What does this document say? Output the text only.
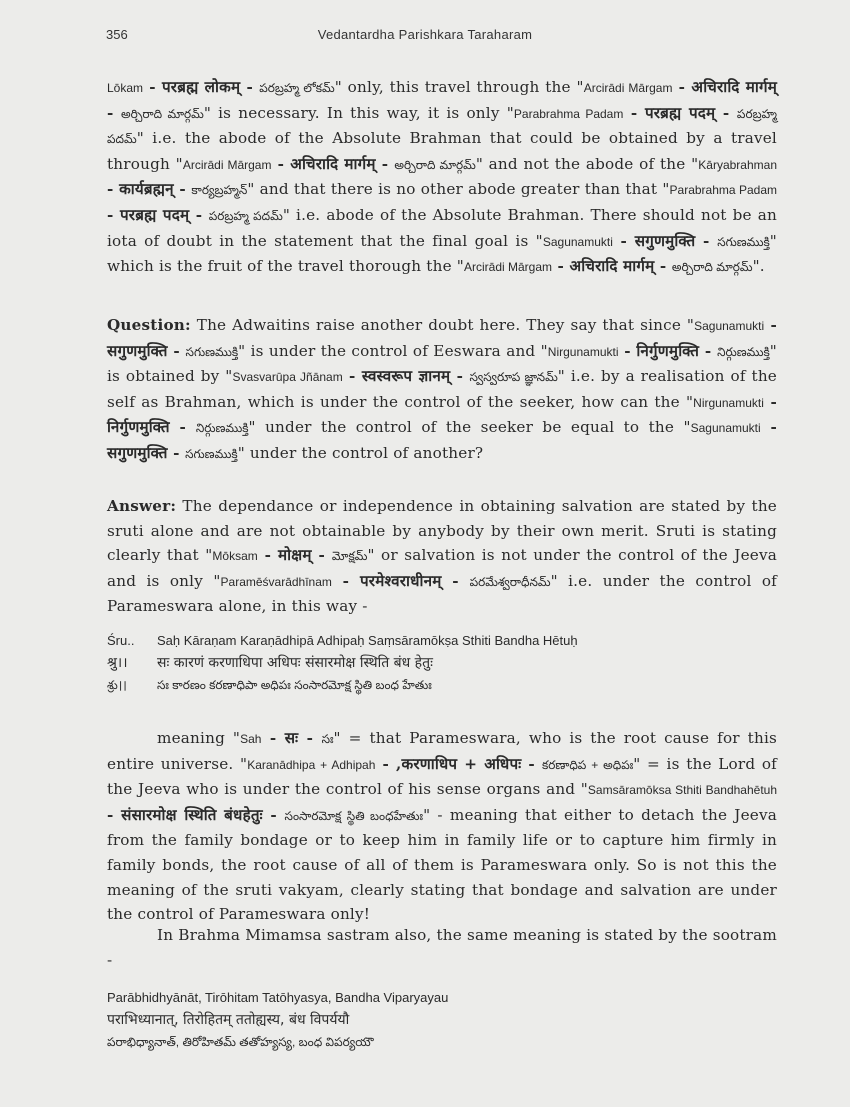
356	Vedantardha Parishkara Taraharam
Lōkam - परब्रह्म लोकम् - పరబ్రహ్మ లోకమ్" only, this travel through the "Arcirādi Mārgam - अचिरादि मार्गम् - అర్చిరాది మార్గమ్" is necessary. In this way, it is only "Parabrahma Padam - परब्रह्म पदम् - పరబ్రహ్మ పదమ్" i.e. the abode of the Absolute Brahman that could be obtained by a travel through "Arcirādi Mārgam - अचिरादि मार्गम् - అర్చిరాది మార్గమ్" and not the abode of the "Kāryabrahman - कार्यब्रह्मन् - కార్యబ్రహ్మన్" and that there is no other abode greater than that "Parabrahma Padam - परब्रह्म पदम् - పరబ్రహ్మ పదమ్" i.e. abode of the Absolute Brahman. There should not be an iota of doubt in the statement that the final goal is "Sagunamukti - सगुणमुक्ति - సగుణముక్తి" which is the fruit of the travel thorough the "Arcirādi Mārgam - अचिरादि मार्गम् - అర్చిరాది మార్గమ్".
Question: The Adwaitins raise another doubt here. They say that since "Sagunamukti - सगुणमुक्ति - సగుణముక్తి" is under the control of Eeswara and "Nirgunamukti - निर्गुणमुक्ति - నిర్గుణముక్తి" is obtained by "Svasvarūpa Jñānam - स्वस्वरूप ज्ञानम् - స్వస్వరూప జ్ఞానమ్" i.e. by a realisation of the self as Brahman, which is under the control of the seeker, how can the "Nirgunamukti - निर्गुणमुक्ति - నిర్గుణముక్తి" under the control of the seeker be equal to the "Sagunamukti - सगुणमुक्ति - సగుణముక్తి" under the control of another?
Answer: The dependance or independence in obtaining salvation are stated by the sruti alone and are not obtainable by anybody by their own merit. Sruti is stating clearly that "Mōksam - मोक्षम् - మోక్షమ్" or salvation is not under the control of the Jeeva and is only "Paramēśvarādhīnam - परमेश्वराधीनम् - పరమేశ్వరాధీనమ్" i.e. under the control of Parameswara alone, in this way -
Śru.. Saḥ Kāraṇam Karaṇādhipā Adhipaḥ Saṃsāramōkṣa Sthiti Bandha Hētuḥ
श्रु।। सः कारणं करणाधिपा अधिपः संसारमोक्ष स्थिति बंध हेतुः
శ్రు।।	సః కారణం కరణాధిపా అధిపః సంసారమోక్ష స్థితి బంధ హేతుః
meaning "Sah - सः - సః" = that Parameswara, who is the root cause for this entire universe. "Karanādhipa + Adhipah - ,करणाधिप + अधिपः - కరణాధిప + అధిపః" = is the Lord of the Jeeva who is under the control of his sense organs and "Samsāramōksa Sthiti Bandhahētuh - संसारमोक्ष स्थिति बंधहेतुः - సంసారమోక్ష స్థితి బంధహేతుః" - meaning that either to detach the Jeeva from the family bondage or to keep him in family life or to capture him firmly in family bonds, the root cause of all of them is Parameswara only. So is not this the meaning of the sruti vakyam, clearly stating that bondage and salvation are under the control of Parameswara only!
In Brahma Mimamsa sastram also, the same meaning is stated by the sootram -
Parābhidhyānāt, Tirōhitam Tatōhyasya, Bandha Viparyayau
पराभिध्यानात्, तिरोहितम् ततोह्यस्य, बंध विपर्ययौ
పరాభిధ్యానాత్, తిరోహితమ్ తతోహ్యస్య, బంధ విపర్యయౌ
